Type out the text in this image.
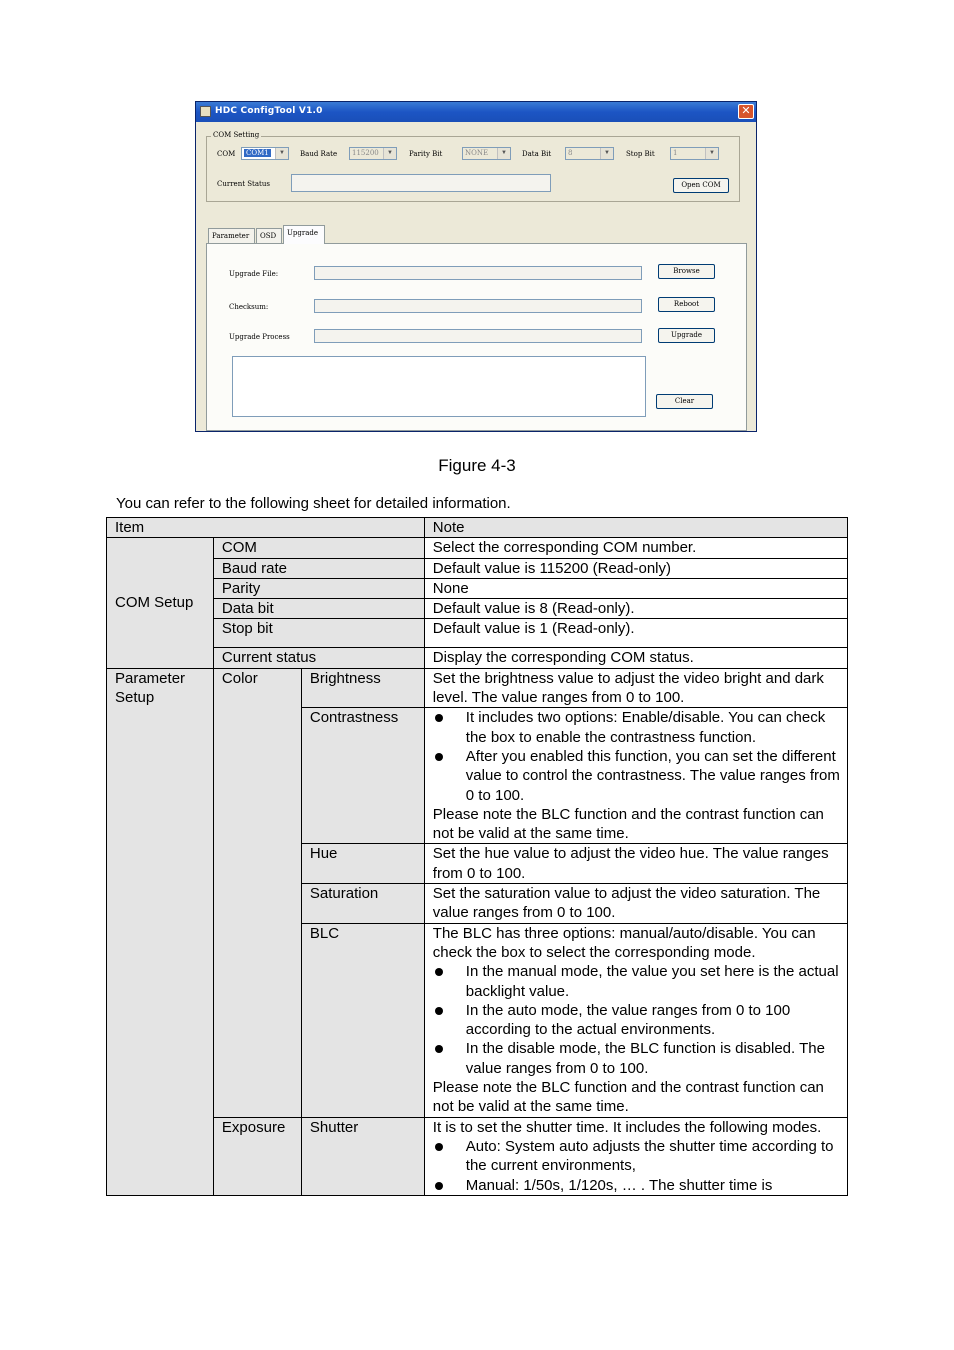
HDC ConfigTool V1.0	✕
COM Setting
COM COM1	▼	Baud Rate 115200	▼	Parity Bit	NONE	▼	Data Bit 8	▼	Stop Bit	1	▼
Current Status	Open COM
Parameter	OSD	Upgrade
Upgrade File:	Browse
Checksum:	Reboot
Upgrade Process	Upgrade
Clear
Figure 4-3
You can refer to the following sheet for detailed information.
Item			Note
COM Setup	COM		Select the corresponding COM number.
	Baud rate		Default value is 115200 (Read-only)
	Parity		None
	Data bit		Default value is 8 (Read-only).
	Stop bit		Default value is 1 (Read-only).
	Current status		Display the corresponding COM status.
Parameter Setup	Color	Brightness	Set the brightness value to adjust the video bright and dark level. The value ranges from 0 to 100.
		Contrastness	It includes two options: Enable/disable. You can check the box to enable the contrastness function.
After you enabled this function, you can set the different value to control the contrastness. The value ranges from 0 to 100.
Please note the BLC function and the contrast function can not be valid at the same time.

		Hue	Set the hue value to adjust the video hue. The value ranges from 0 to 100.
		Saturation	Set the saturation value to adjust the video saturation. The value ranges from 0 to 100.
		BLC	The BLC has three options: manual/auto/disable. You can check the box to select the corresponding mode.
In the manual mode, the value you set here is the actual backlight value.
In the auto mode, the value ranges from 0 to 100 according to the actual environments.
In the disable mode, the BLC function is disabled. The value ranges from 0 to 100.
Please note the BLC function and the contrast function can not be valid at the same time.

	Exposure	Shutter	It is to set the shutter time. It includes the following modes.
Auto: System auto adjusts the shutter time according to the current environments,
Manual: 1/50s, 1/120s, … . The shutter time is
